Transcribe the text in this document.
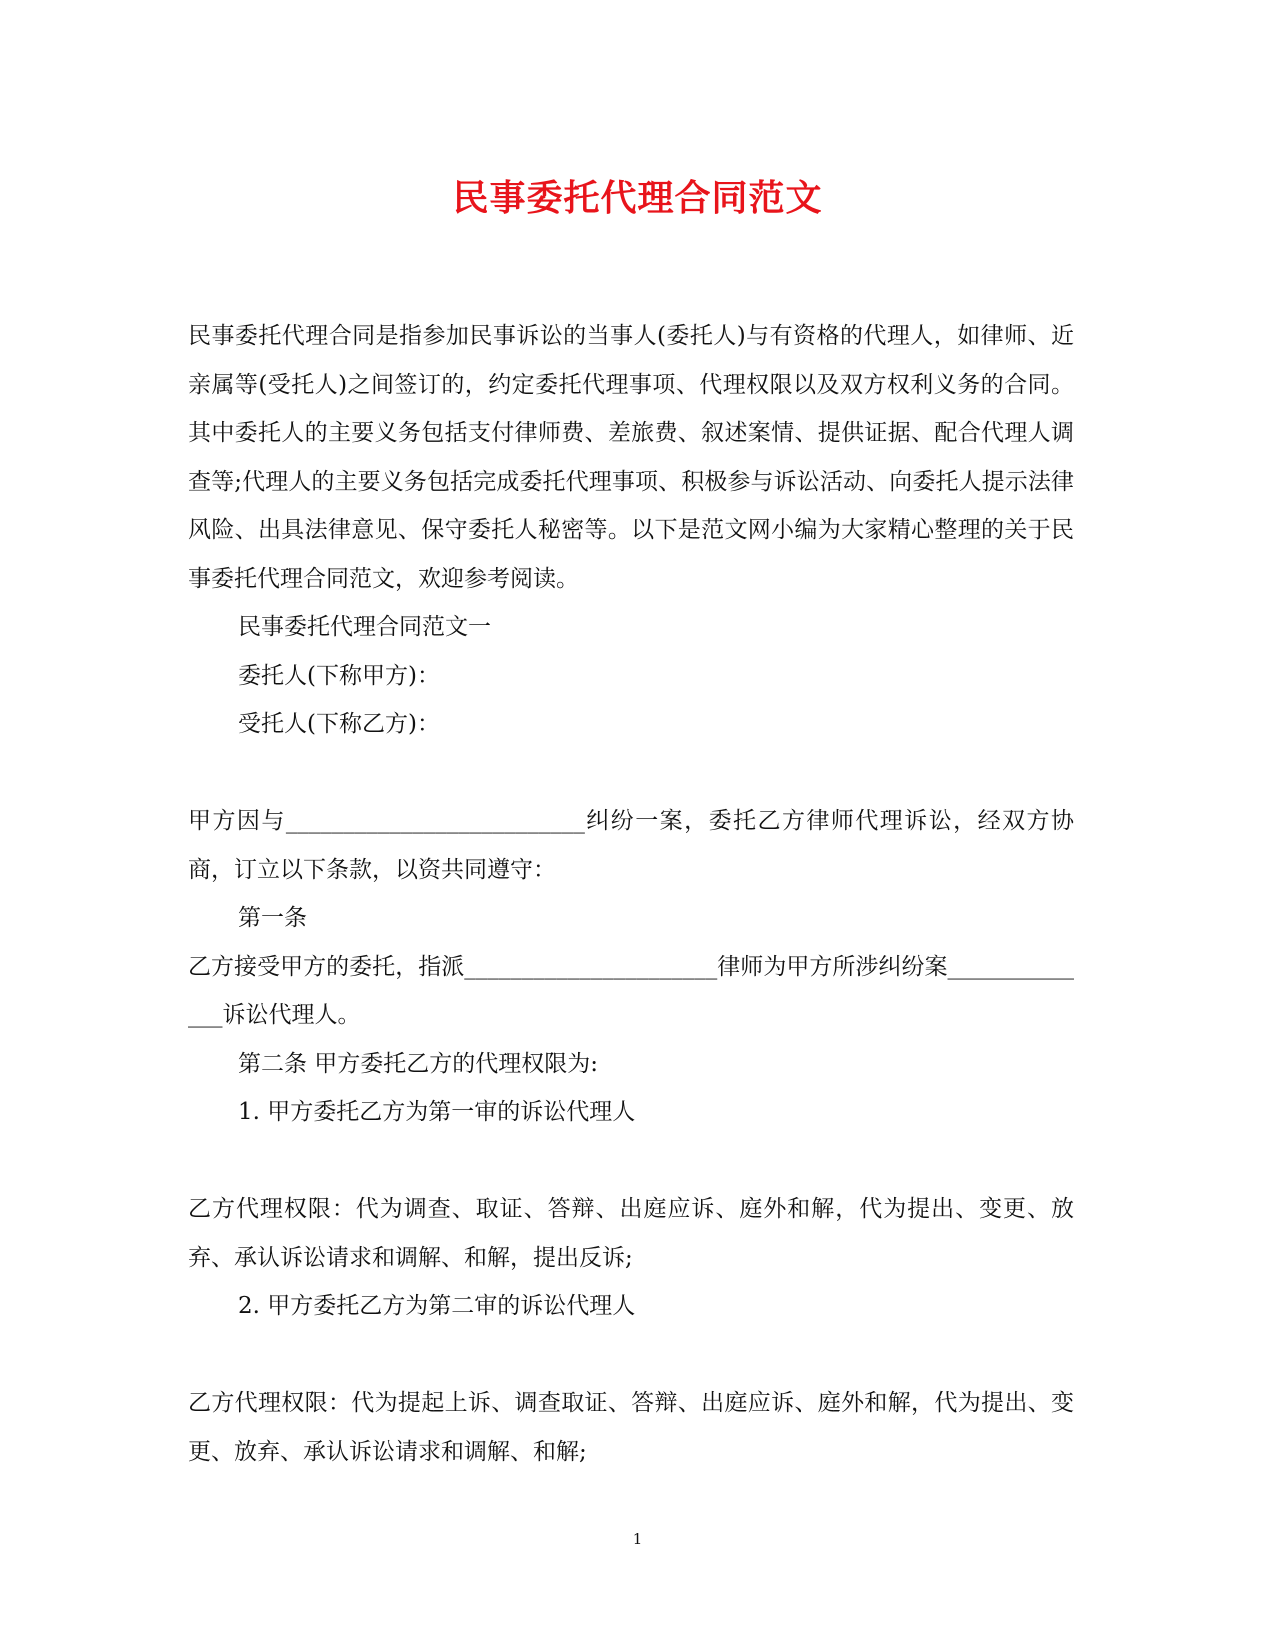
民事委托代理合同范文

民事委托代理合同是指参加民事诉讼的当事人(委托人)与有资格的代理人，如律师、近亲属等(受托人)之间签订的，约定委托代理事项、代理权限以及双方权利义务的合同。其中委托人的主要义务包括支付律师费、差旅费、叙述案情、提供证据、配合代理人调查等;代理人的主要义务包括完成委托代理事项、积极参与诉讼活动、向委托人提示法律风险、出具法律意见、保守委托人秘密等。以下是范文网小编为大家精心整理的关于民事委托代理合同范文，欢迎参考阅读。

民事委托代理合同范文一

委托人(下称甲方)：

受托人(下称乙方)：

甲方因与__________________________纠纷一案，委托乙方律师代理诉讼，经双方协商，订立以下条款，以资共同遵守：

第一条

乙方接受甲方的委托，指派______________________律师为甲方所涉纠纷案______________诉讼代理人。

第二条 甲方委托乙方的代理权限为:

1. 甲方委托乙方为第一审的诉讼代理人

乙方代理权限：代为调查、取证、答辩、出庭应诉、庭外和解，代为提出、变更、放弃、承认诉讼请求和调解、和解，提出反诉;

2. 甲方委托乙方为第二审的诉讼代理人

乙方代理权限：代为提起上诉、调查取证、答辩、出庭应诉、庭外和解，代为提出、变更、放弃、承认诉讼请求和调解、和解;

1
